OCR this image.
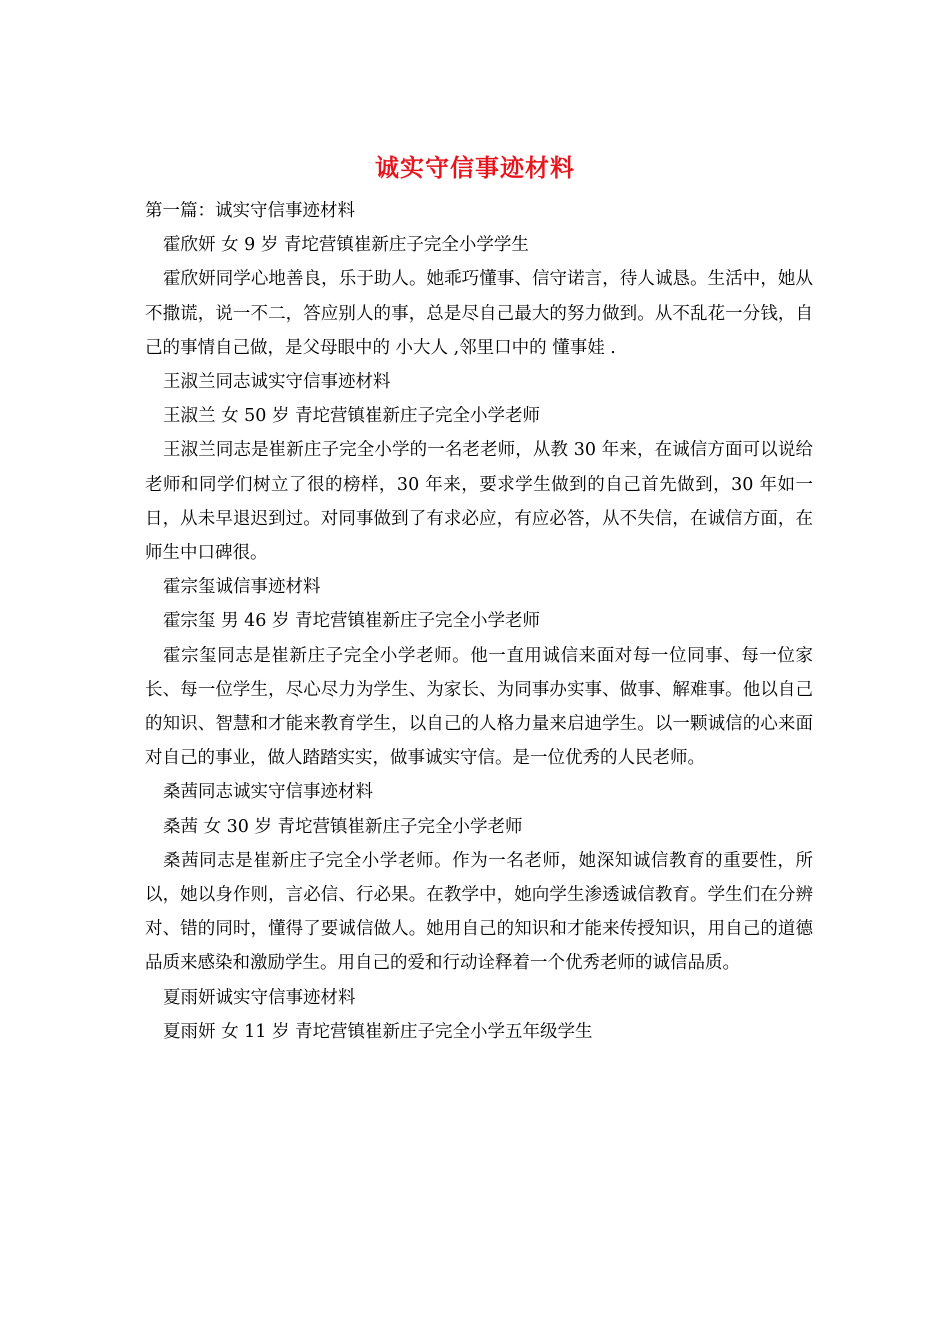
诚实守信事迹材料

第一篇：诚实守信事迹材料

霍欣妍 女 9 岁 青坨营镇崔新庄子完全小学学生

霍欣妍同学心地善良，乐于助人。她乖巧懂事、信守诺言，待人诚恳。生活中，她从不撒谎，说一不二，答应别人的事，总是尽自己最大的努力做到。从不乱花一分钱，自己的事情自己做，是父母眼中的 小大人 ,邻里口中的 懂事娃 .

王淑兰同志诚实守信事迹材料

王淑兰 女 50 岁 青坨营镇崔新庄子完全小学老师

王淑兰同志是崔新庄子完全小学的一名老老师，从教 30 年来，在诚信方面可以说给老师和同学们树立了很的榜样，30 年来，要求学生做到的自己首先做到，30 年如一日，从未早退迟到过。对同事做到了有求必应，有应必答，从不失信，在诚信方面，在师生中口碑很。

霍宗玺诚信事迹材料

霍宗玺 男 46 岁 青坨营镇崔新庄子完全小学老师

霍宗玺同志是崔新庄子完全小学老师。他一直用诚信来面对每一位同事、每一位家长、每一位学生，尽心尽力为学生、为家长、为同事办实事、做事、解难事。他以自己的知识、智慧和才能来教育学生，以自己的人格力量来启迪学生。以一颗诚信的心来面对自己的事业，做人踏踏实实，做事诚实守信。是一位优秀的人民老师。

桑茜同志诚实守信事迹材料

桑茜 女 30 岁 青坨营镇崔新庄子完全小学老师

桑茜同志是崔新庄子完全小学老师。作为一名老师，她深知诚信教育的重要性，所以，她以身作则，言必信、行必果。在教学中，她向学生渗透诚信教育。学生们在分辨对、错的同时，懂得了要诚信做人。她用自己的知识和才能来传授知识，用自己的道德品质来感染和激励学生。用自己的爱和行动诠释着一个优秀老师的诚信品质。

夏雨妍诚实守信事迹材料

夏雨妍 女 11 岁 青坨营镇崔新庄子完全小学五年级学生
